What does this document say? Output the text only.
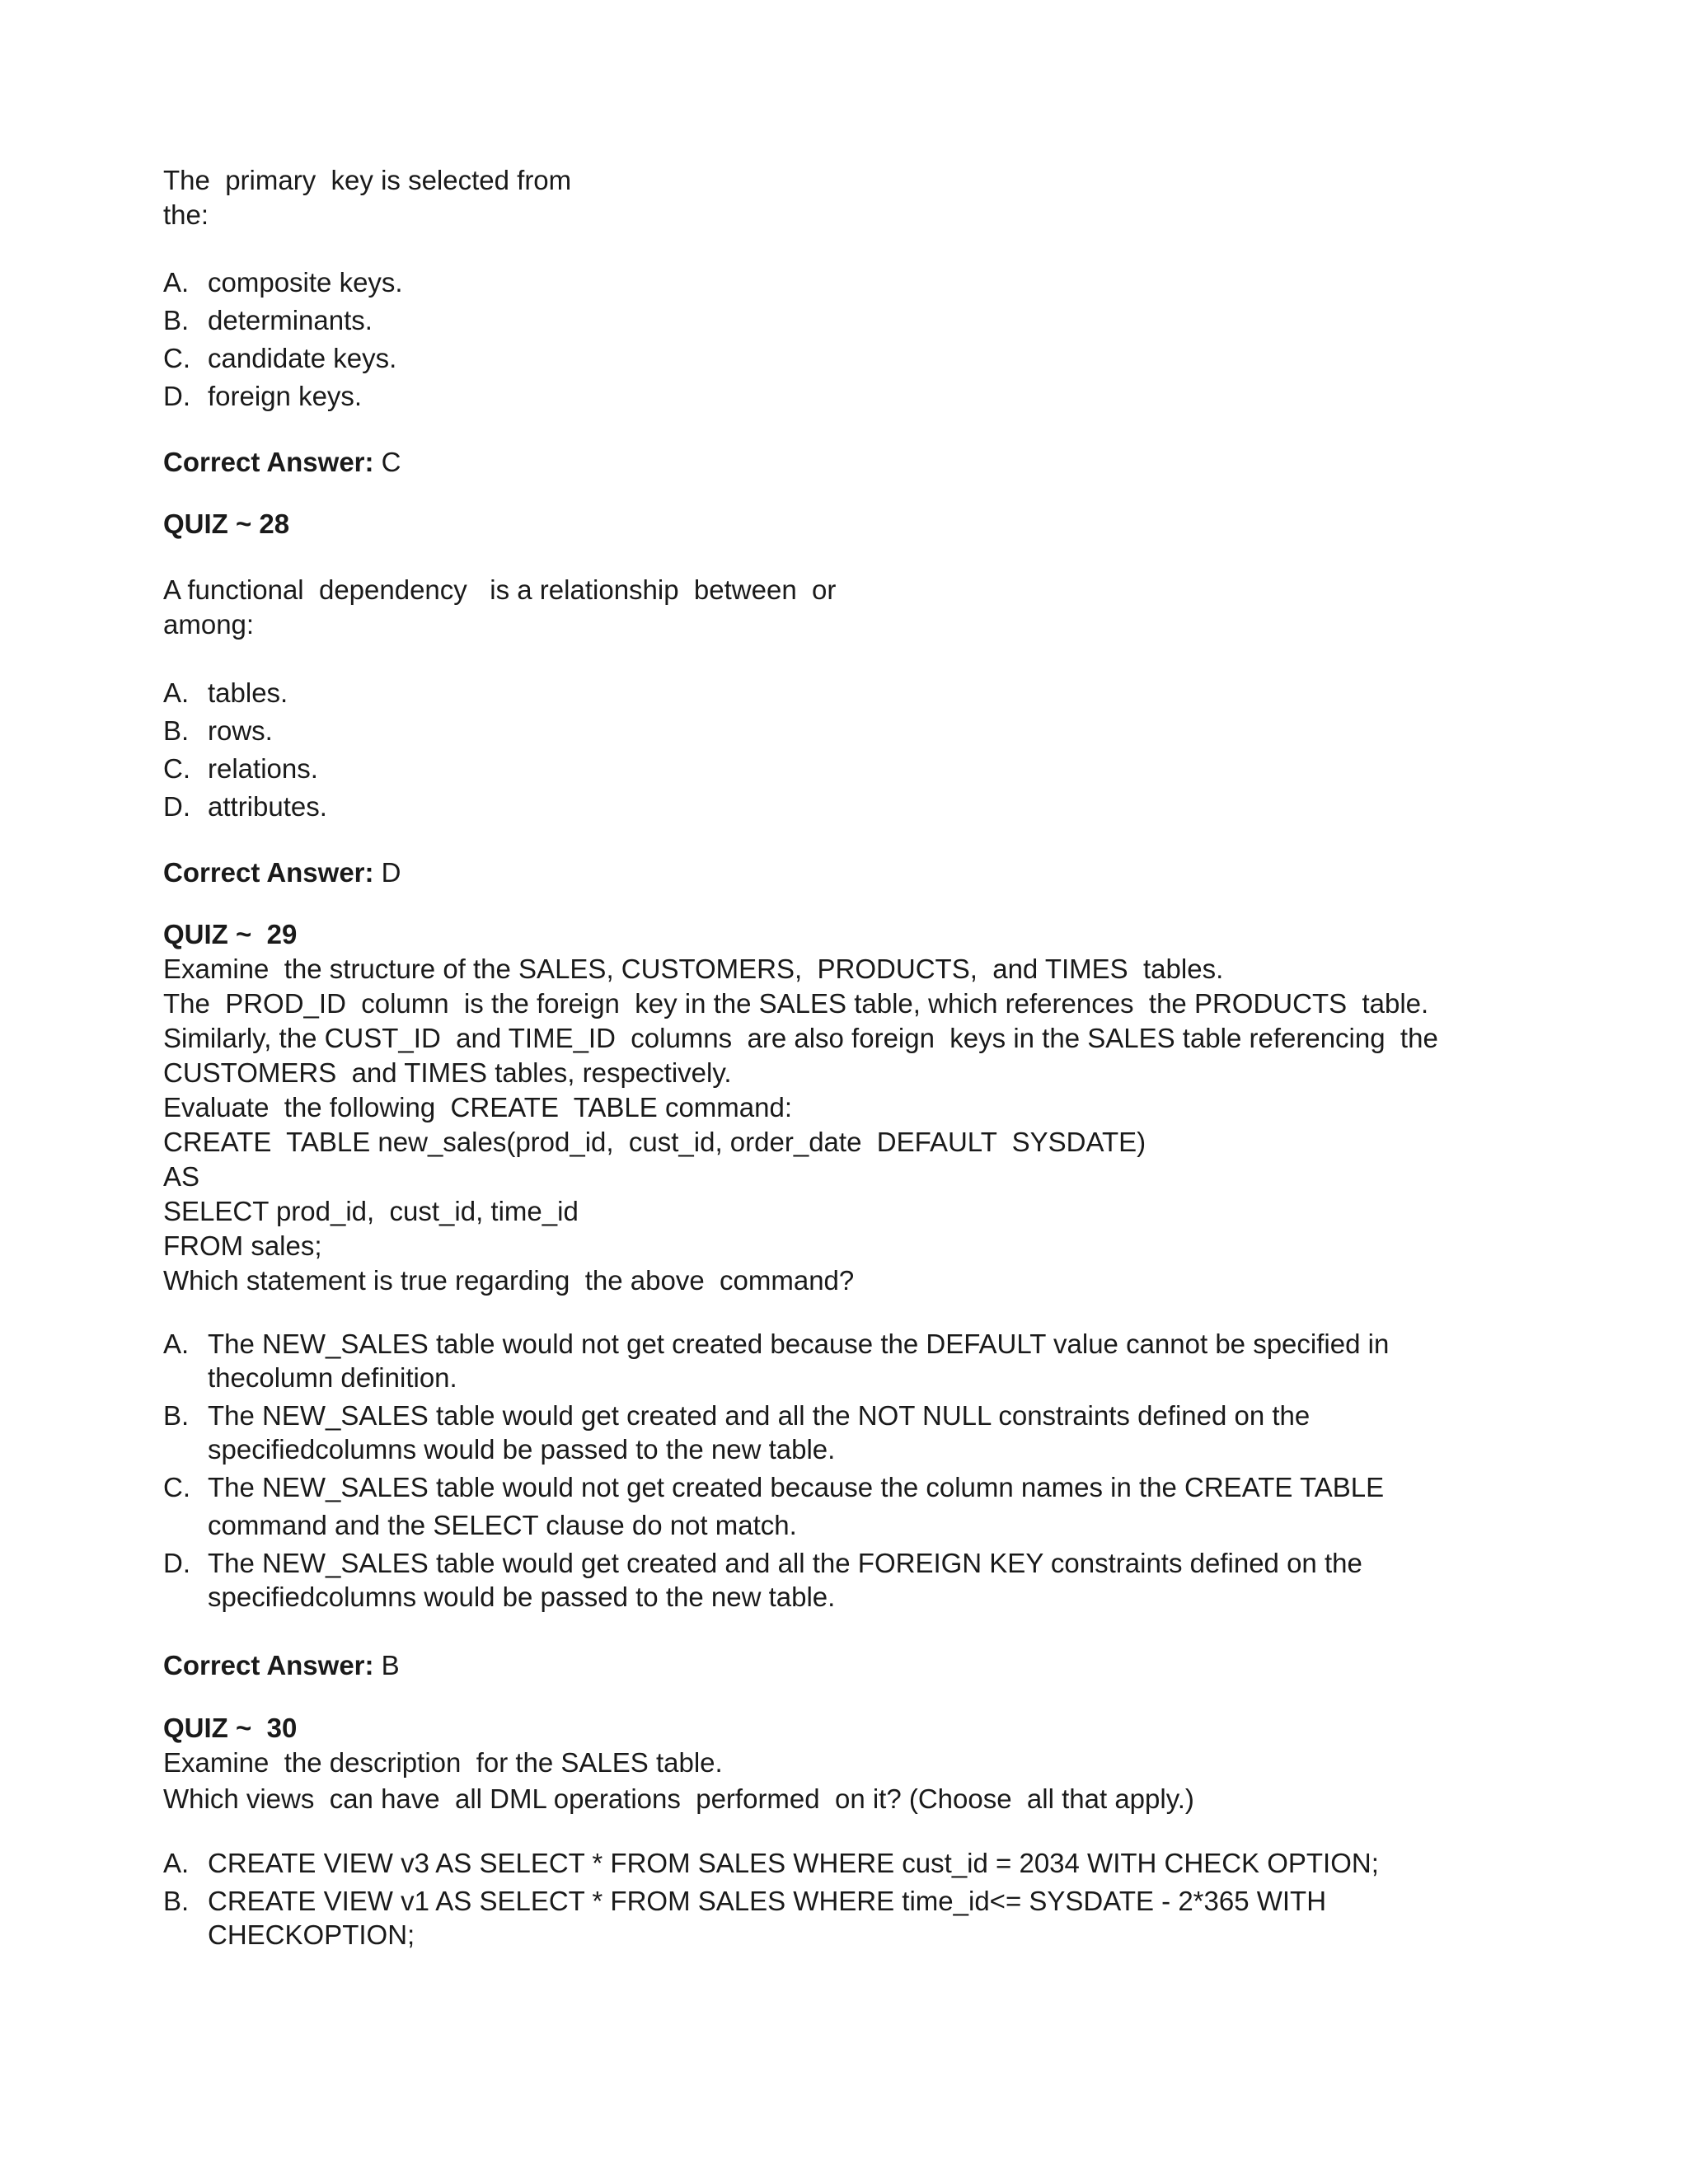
The  primary  key is selected from
the:
A. composite keys.
B. determinants.
C. candidate keys.
D. foreign keys.
Correct Answer: C
QUIZ ~ 28
A functional  dependency   is a relationship  between  or
among:
A. tables.
B. rows.
C. relations.
D. attributes.
Correct Answer: D
QUIZ ~  29
Examine  the structure of the SALES, CUSTOMERS,  PRODUCTS,  and TIMES  tables.
The  PROD_ID  column  is the foreign  key in the SALES table, which references  the PRODUCTS  table.
Similarly, the CUST_ID  and TIME_ID  columns  are also foreign  keys in the SALES table referencing  the
CUSTOMERS  and TIMES tables, respectively.
Evaluate  the following  CREATE  TABLE command:
CREATE  TABLE new_sales(prod_id,  cust_id, order_date  DEFAULT  SYSDATE)
AS
SELECT prod_id,  cust_id, time_id
FROM sales;
Which statement is true regarding  the above  command?
A. The NEW_SALES table would not get created because the DEFAULT value cannot be specified in
thecolumn definition.
B. The NEW_SALES table would get created and all the NOT NULL constraints defined on the
specifiedcolumns would be passed to the new table.
C. The NEW_SALES table would not get created because the column names in the CREATE TABLE
command and the SELECT clause do not match.
D. The NEW_SALES table would get created and all the FOREIGN KEY constraints defined on the
specifiedcolumns would be passed to the new table.
Correct Answer: B
QUIZ ~  30
Examine  the description  for the SALES table.
Which views  can have  all DML operations  performed  on it? (Choose  all that apply.)
A. CREATE VIEW v3 AS SELECT * FROM SALES WHERE cust_id = 2034 WITH CHECK OPTION;
B. CREATE VIEW v1 AS SELECT * FROM SALES WHERE time_id<= SYSDATE - 2*365 WITH
CHECKOPTION;
